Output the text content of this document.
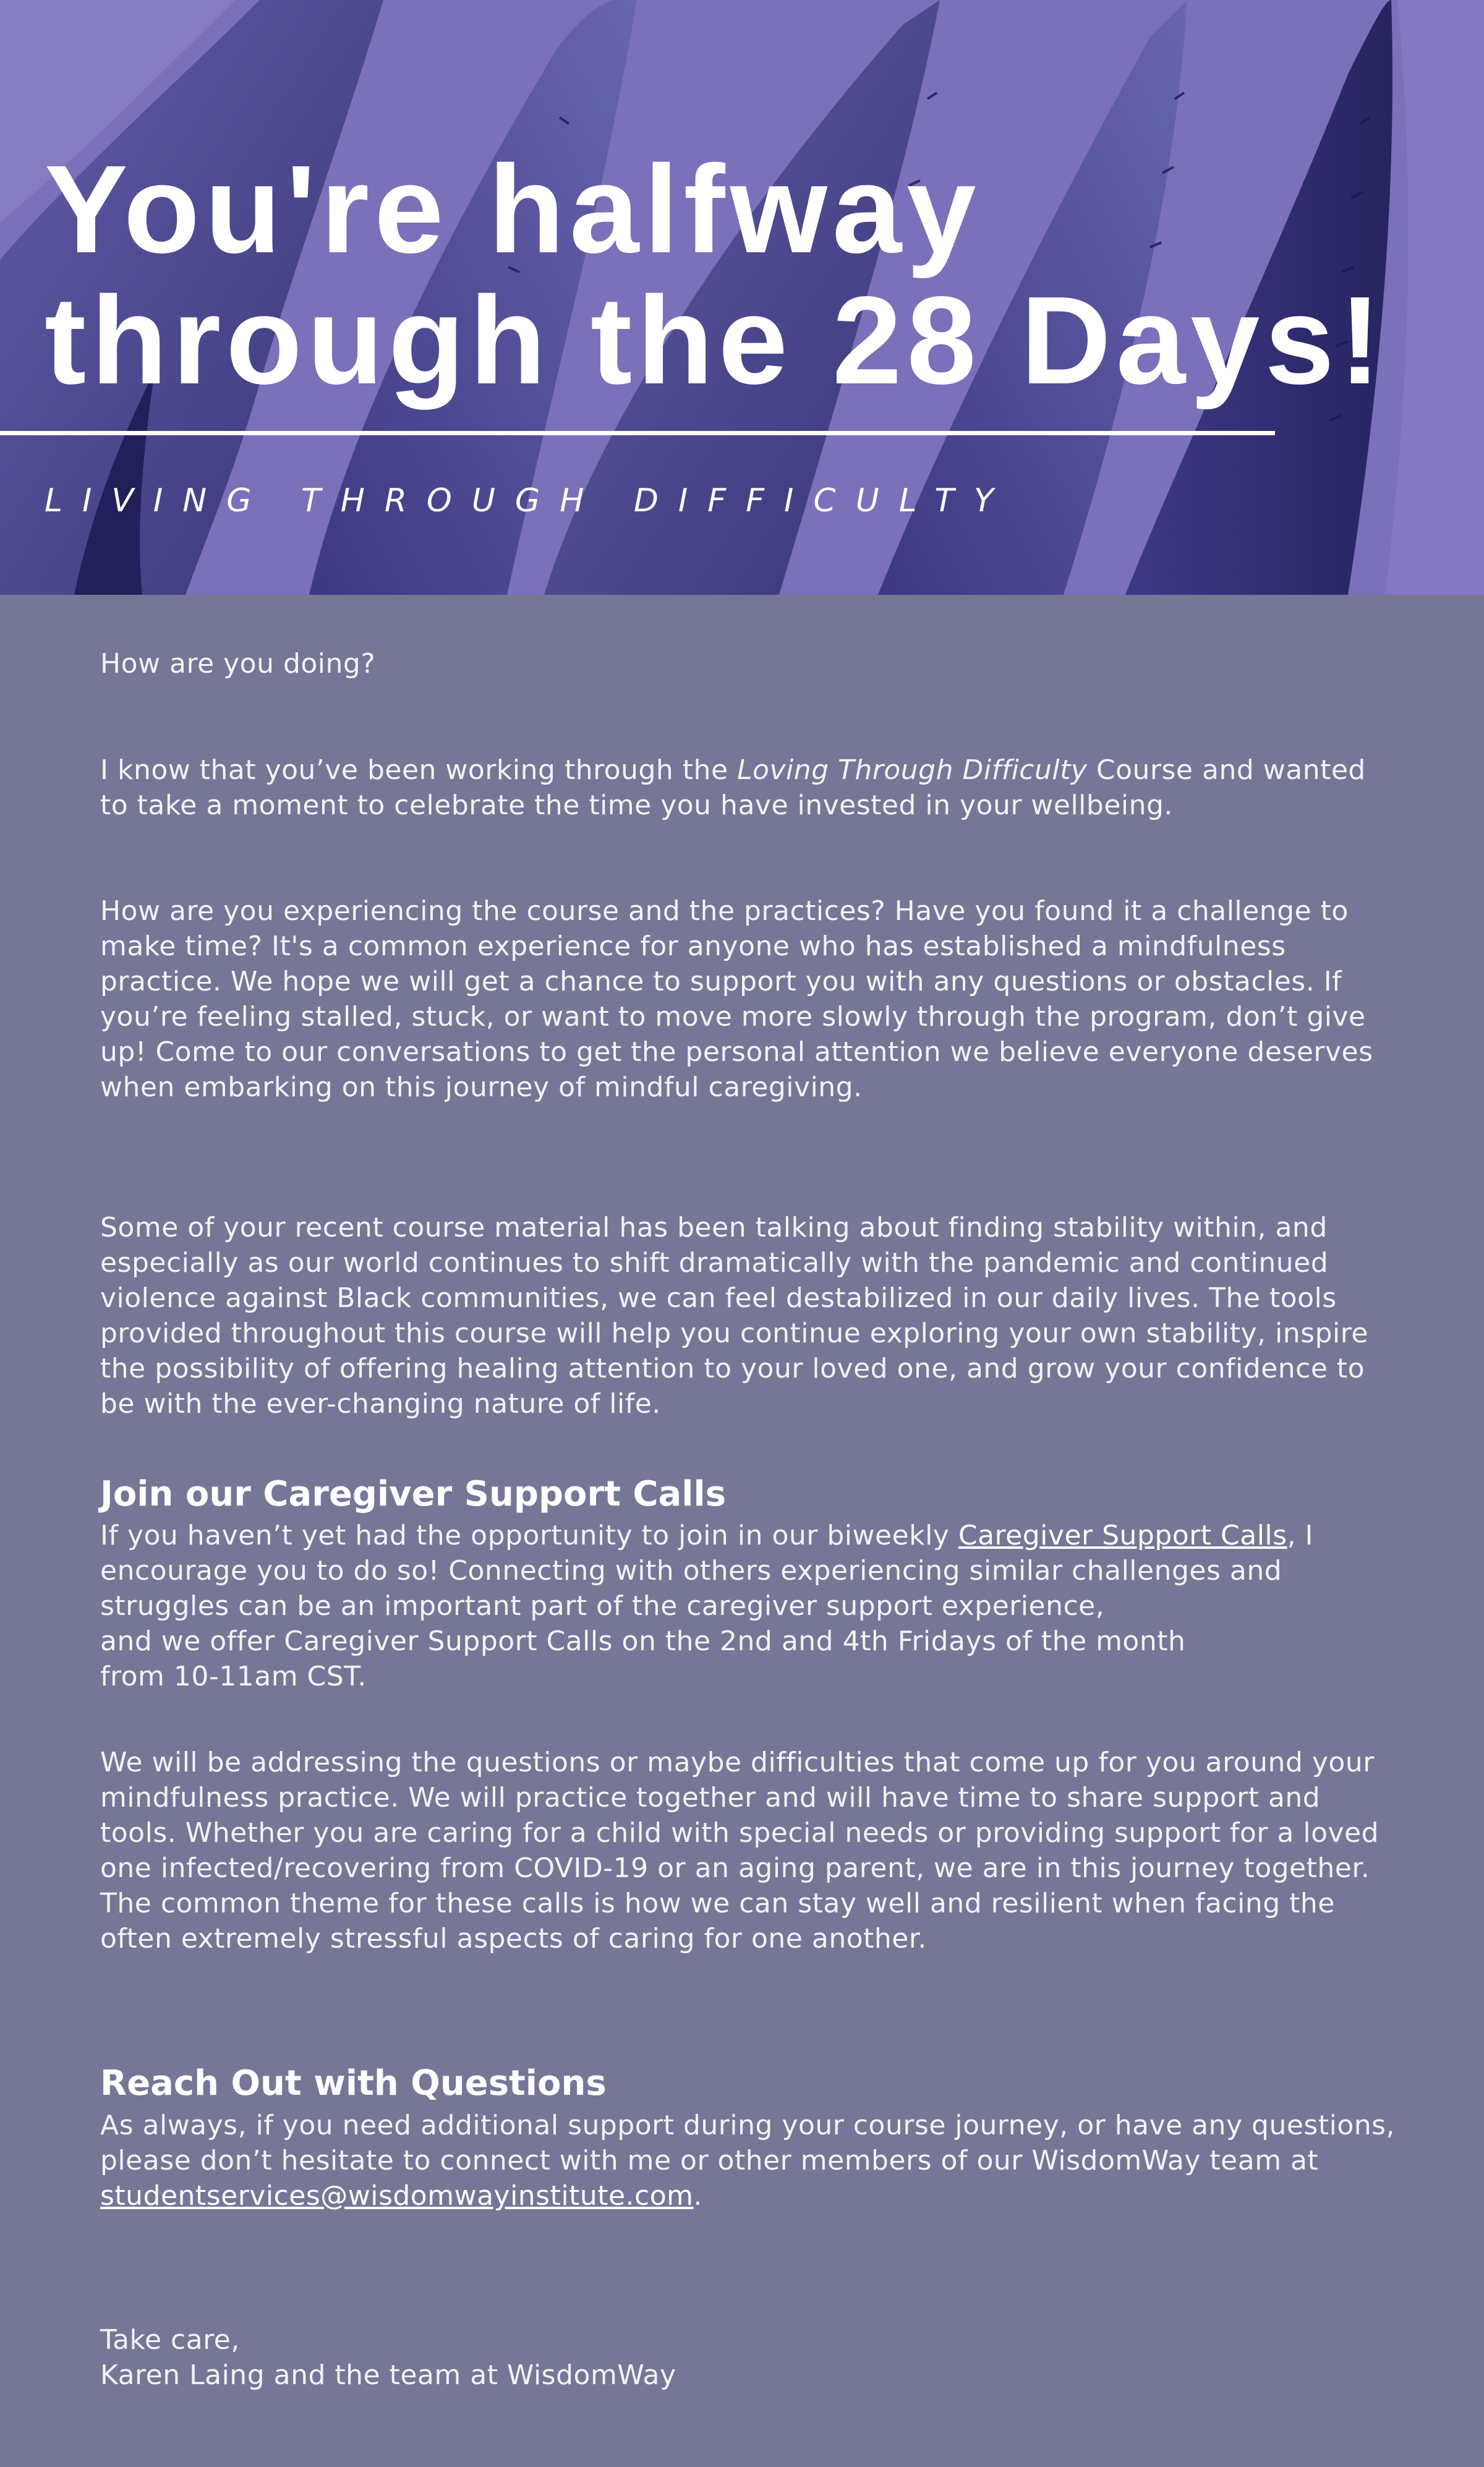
You're halfway
through the 28 Days!
LIVING THROUGH DIFFICULTY

How are you doing?

I know that you’ve been working through the Loving Through Difficulty Course and wanted to take a moment to celebrate the time you have invested in your wellbeing.

How are you experiencing the course and the practices? Have you found it a challenge to make time? It's a common experience for anyone who has established a mindfulness practice. We hope we will get a chance to support you with any questions or obstacles. If you’re feeling stalled, stuck, or want to move more slowly through the program, don’t give up! Come to our conversations to get the personal attention we believe everyone deserves when embarking on this journey of mindful caregiving.

Some of your recent course material has been talking about finding stability within, and especially as our world continues to shift dramatically with the pandemic and continued violence against Black communities, we can feel destabilized in our daily lives. The tools provided throughout this course will help you continue exploring your own stability, inspire the possibility of offering healing attention to your loved one, and grow your confidence to be with the ever-changing nature of life.

Join our Caregiver Support Calls

If you haven’t yet had the opportunity to join in our biweekly Caregiver Support Calls, I encourage you to do so! Connecting with others experiencing similar challenges and struggles can be an important part of the caregiver support experience,
and we offer Caregiver Support Calls on the 2nd and 4th Fridays of the month
from 10-11am CST.

We will be addressing the questions or maybe difficulties that come up for you around your mindfulness practice. We will practice together and will have time to share support and tools. Whether you are caring for a child with special needs or providing support for a loved one infected/recovering from COVID-19 or an aging parent, we are in this journey together. The common theme for these calls is how we can stay well and resilient when facing the often extremely stressful aspects of caring for one another.

Reach Out with Questions

As always, if you need additional support during your course journey, or have any questions, please don’t hesitate to connect with me or other members of our WisdomWay team at studentservices@wisdomwayinstitute.com.

Take care,
Karen Laing and the team at WisdomWay
